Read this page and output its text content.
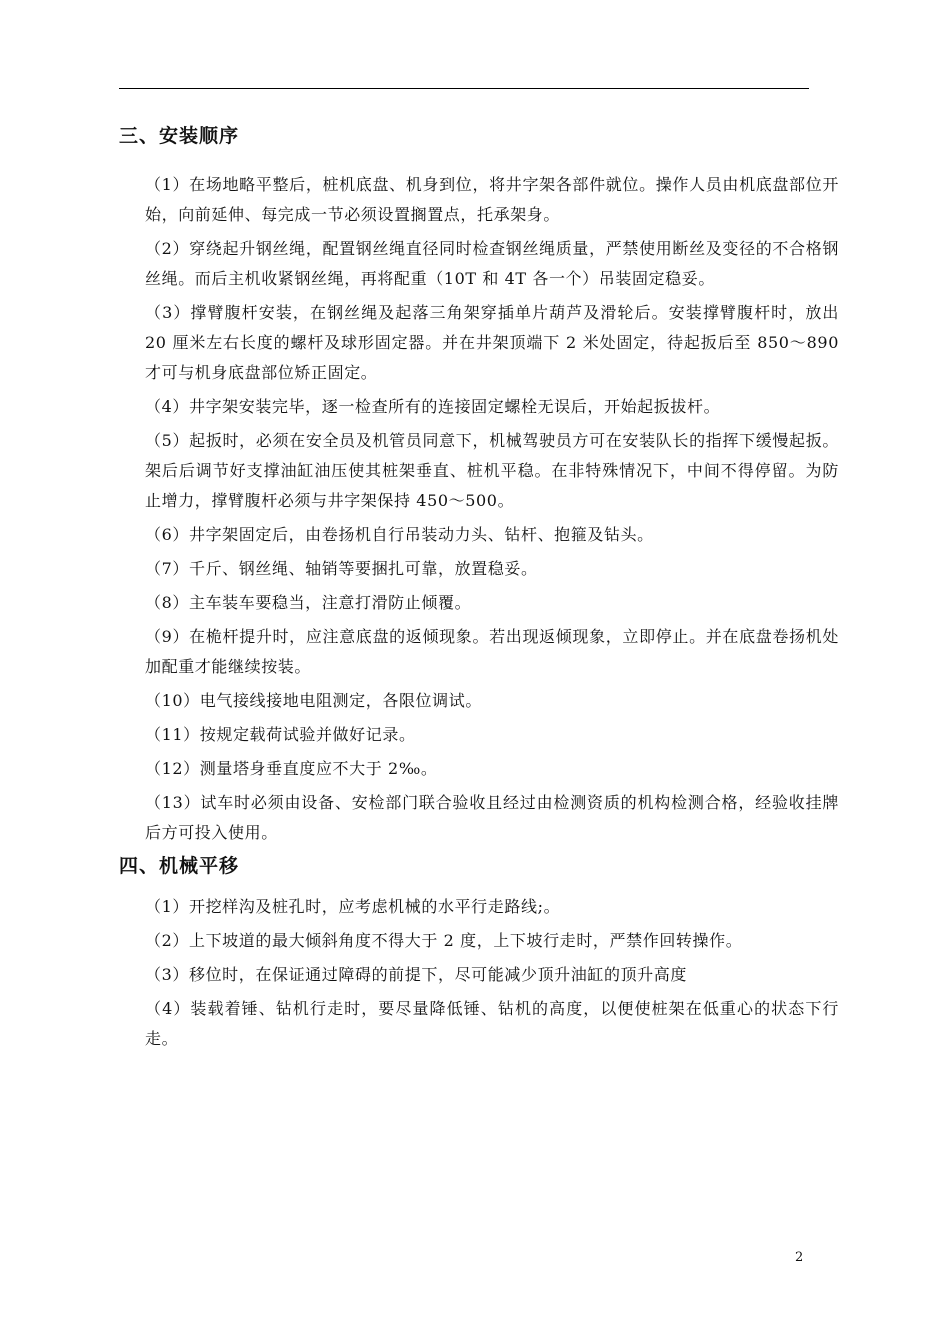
三、安装顺序

（1）在场地略平整后，桩机底盘、机身到位，将井字架各部件就位。操作人员由机底盘部位开始，向前延伸、每完成一节必须设置搁置点，托承架身。

（2）穿绕起升钢丝绳，配置钢丝绳直径同时检查钢丝绳质量，严禁使用断丝及变径的不合格钢丝绳。而后主机收紧钢丝绳，再将配重（10T 和 4T 各一个）吊装固定稳妥。

（3）撑臂腹杆安装，在钢丝绳及起落三角架穿插单片葫芦及滑轮后。安装撑臂腹杆时，放出 20 厘米左右长度的螺杆及球形固定器。并在井架顶端下 2 米处固定，待起扳后至 850～890 才可与机身底盘部位矫正固定。

（4）井字架安装完毕，逐一检查所有的连接固定螺栓无误后，开始起扳拔杆。

（5）起扳时，必须在安全员及机管员同意下，机械驾驶员方可在安装队长的指挥下缓慢起扳。架后后调节好支撑油缸油压使其桩架垂直、桩机平稳。在非特殊情况下，中间不得停留。为防止增力，撑臂腹杆必须与井字架保持 450～500。

（6）井字架固定后，由卷扬机自行吊装动力头、钻杆、抱箍及钻头。

（7）千斤、钢丝绳、轴销等要捆扎可靠，放置稳妥。

（8）主车装车要稳当，注意打滑防止倾覆。

（9）在桅杆提升时，应注意底盘的返倾现象。若出现返倾现象，立即停止。并在底盘卷扬机处加配重才能继续按装。

（10）电气接线接地电阻测定，各限位调试。

（11）按规定载荷试验并做好记录。

（12）测量塔身垂直度应不大于 2‰。

（13）试车时必须由设备、安检部门联合验收且经过由检测资质的机构检测合格，经验收挂牌后方可投入使用。

四、机械平移

（1）开挖样沟及桩孔时，应考虑机械的水平行走路线;。

（2）上下坡道的最大倾斜角度不得大于 2 度，上下坡行走时，严禁作回转操作。

（3）移位时，在保证通过障碍的前提下，尽可能减少顶升油缸的顶升高度

（4）装载着锤、钻机行走时，要尽量降低锤、钻机的高度，以便使桩架在低重心的状态下行走。

2
